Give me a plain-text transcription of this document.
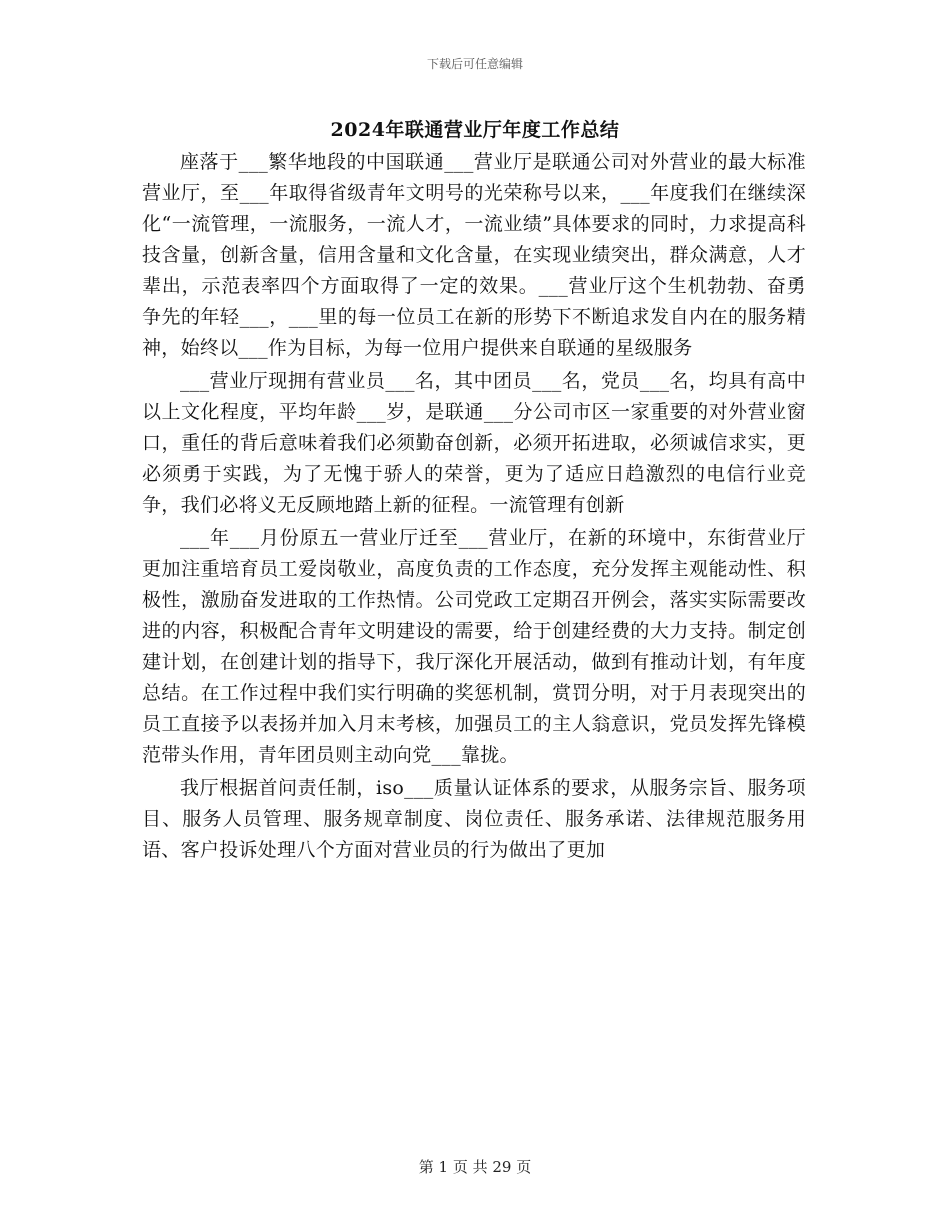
下载后可任意编辑
2024年联通营业厅年度工作总结

座落于___繁华地段的中国联通___营业厅是联通公司对外营业的最大标准营业厅，至___年取得省级青年文明号的光荣称号以来，___年度我们在继续深化“一流管理，一流服务，一流人才，一流业绩”具体要求的同时，力求提高科技含量，创新含量，信用含量和文化含量，在实现业绩突出，群众满意，人才辈出，示范表率四个方面取得了一定的效果。___营业厅这个生机勃勃、奋勇争先的年轻___，___里的每一位员工在新的形势下不断追求发自内在的服务精神，始终以___作为目标，为每一位用户提供来自联通的星级服务

___营业厅现拥有营业员___名，其中团员___名，党员___名，均具有高中以上文化程度，平均年龄___岁，是联通___分公司市区一家重要的对外营业窗口，重任的背后意味着我们必须勤奋创新，必须开拓进取，必须诚信求实，更必须勇于实践，为了无愧于骄人的荣誉，更为了适应日趋激烈的电信行业竞争，我们必将义无反顾地踏上新的征程。一流管理有创新

___年___月份原五一营业厅迁至___营业厅，在新的环境中，东街营业厅更加注重培育员工爱岗敬业，高度负责的工作态度，充分发挥主观能动性、积极性，激励奋发进取的工作热情。公司党政工定期召开例会，落实实际需要改进的内容，积极配合青年文明建设的需要，给于创建经费的大力支持。制定创建计划，在创建计划的指导下，我厅深化开展活动，做到有推动计划，有年度总结。在工作过程中我们实行明确的奖惩机制，赏罚分明，对于月表现突出的员工直接予以表扬并加入月末考核，加强员工的主人翁意识，党员发挥先锋模范带头作用，青年团员则主动向党___靠拢。

我厅根据首问责任制，iso___质量认证体系的要求，从服务宗旨、服务项目、服务人员管理、服务规章制度、岗位责任、服务承诺、法律规范服务用语、客户投诉处理八个方面对营业员的行为做出了更加

第 1 页 共 29 页
